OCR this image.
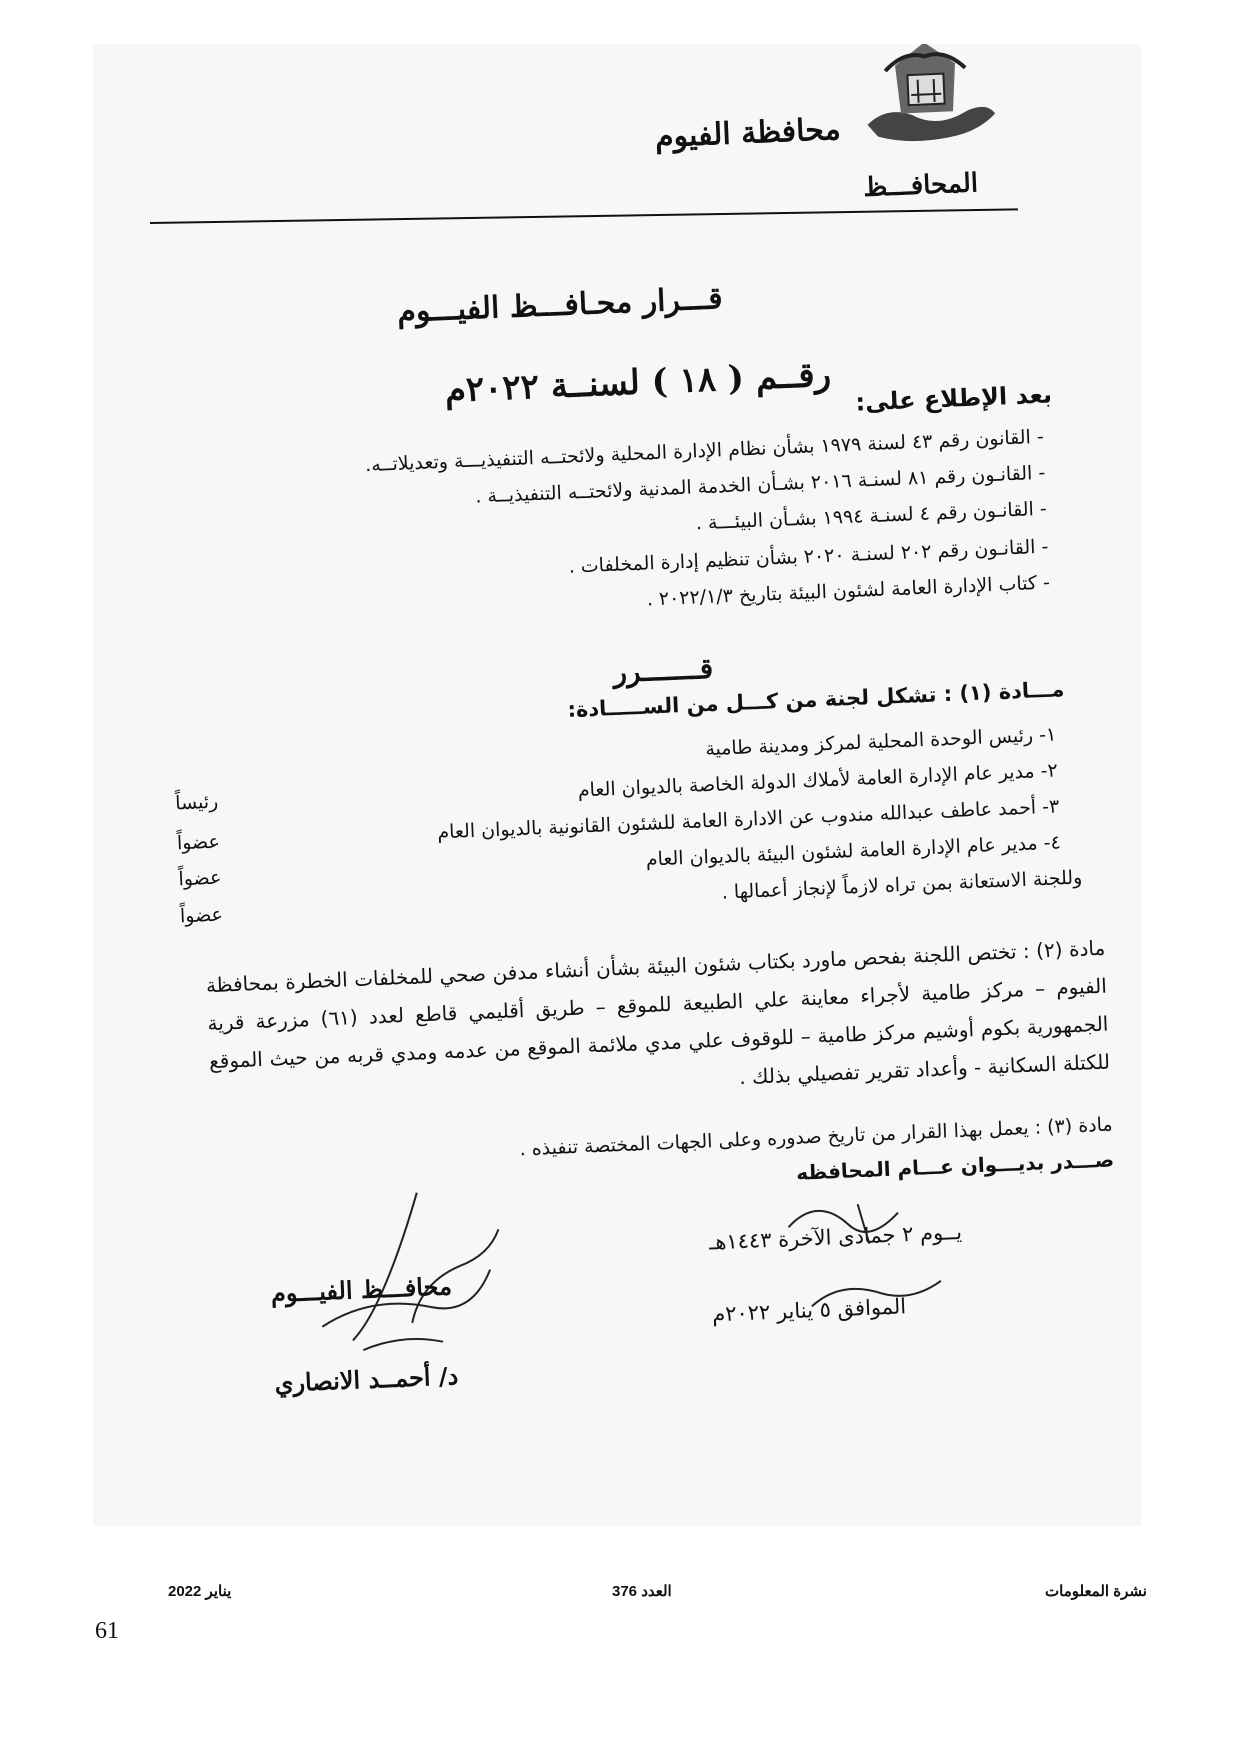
محافظة الفيوم
المحافـــظ
قـــرار محـافـــظ الفيـــوم
رقــم ( ١٨ ) لسنــة ٢٠٢٢م بعد الإطلاع على:
- القانون رقم ٤٣ لسنة ١٩٧٩ بشأن نظام الإدارة المحلية ولائحتــه التنفيذيـــة وتعديلاتــه.
- القانـون رقم ٨١ لسنـة ٢٠١٦ بشـأن الخدمة المدنية ولائحتــه التنفيذيــة .
- القانـون رقم ٤ لسنـة ١٩٩٤ بشـأن البيئـــة .
- القانـون رقم ٢٠٢ لسنـة ٢٠٢٠ بشأن تنظيم إدارة المخلفات .
- كتاب الإدارة العامة لشئون البيئة بتاريخ ٢٠٢٢/١/٣ .
قـــــــرر
مـــادة (١) : تشكل لجنة من كـــل من الســـــادة:
١- رئيس الوحدة المحلية لمركز ومدينة طامية
٢- مدير عام الإدارة العامة لأملاك الدولة الخاصة بالديوان العام
٣- أحمد عاطف عبدالله مندوب عن الادارة العامة للشئون القانونية بالديوان العام
٤- مدير عام الإدارة العامة لشئون البيئة بالديوان العام
وللجنة الاستعانة بمن تراه لازماً لإنجاز أعمالها .
رئيساً
عضواً
عضواً
عضواً
مادة (٢) : تختص اللجنة بفحص ماورد بكتاب شئون البيئة بشأن أنشاء مدفن صحي للمخلفات الخطرة بمحافظة الفيوم – مركز طامية لأجراء معاينة علي الطبيعة للموقع – طريق أقليمي قاطع لعدد (٦١) مزرعة قرية الجمهورية بكوم أوشيم مركز طامية – للوقوف علي مدي ملائمة الموقع من عدمه ومدي قربه من حيث الموقع للكتلة السكانية - وأعداد تقرير تفصيلي بذلك .
مادة (٣) : يعمل بهذا القرار من تاريخ صدوره وعلى الجهات المختصة تنفيذه .
صـــدر بديـــوان عـــام المحافظه
يــوم ٢ جمادى الآخرة ١٤٤٣هـ
الموافق ٥ يناير ٢٠٢٢م
محافـــظ الفيـــوم
د/ أحمــد الانصاري
يناير 2022	العدد 376	نشرة المعلومات
61
